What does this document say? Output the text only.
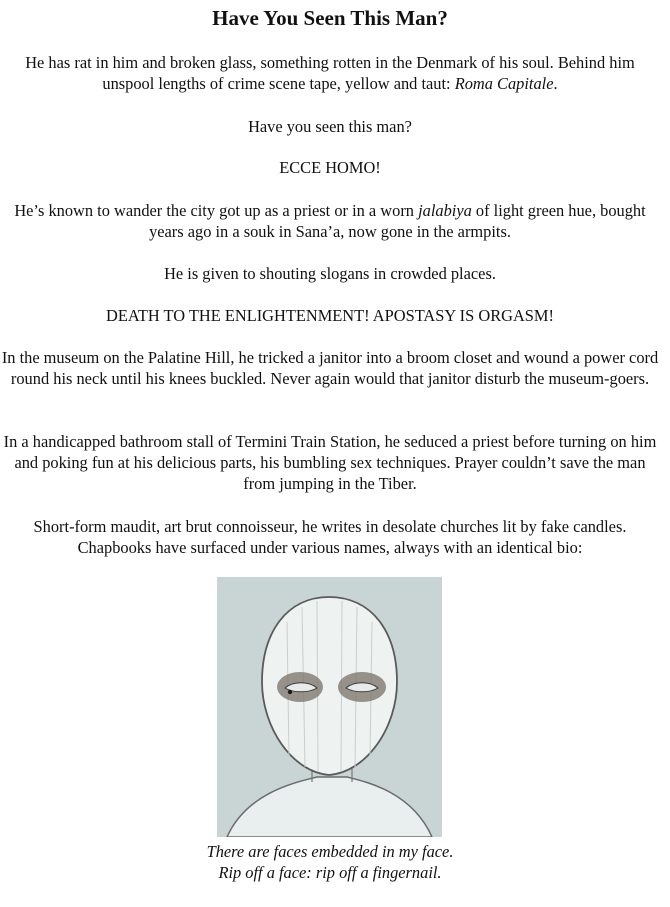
Have You Seen This Man?

He has rat in him and broken glass, something rotten in the Denmark of his soul. Behind him unspool lengths of crime scene tape, yellow and taut: Roma Capitale.

Have you seen this man?

ECCE HOMO!

He’s known to wander the city got up as a priest or in a worn jalabiya of light green hue, bought years ago in a souk in Sana’a, now gone in the armpits.

He is given to shouting slogans in crowded places.

DEATH TO THE ENLIGHTENMENT! APOSTASY IS ORGASM!

In the museum on the Palatine Hill, he tricked a janitor into a broom closet and wound a power cord round his neck until his knees buckled. Never again would that janitor disturb the museum-goers.

In a handicapped bathroom stall of Termini Train Station, he seduced a priest before turning on him and poking fun at his delicious parts, his bumbling sex techniques. Prayer couldn’t save the man from jumping in the Tiber.

Short-form maudit, art brut connoisseur, he writes in desolate churches lit by fake candles. Chapbooks have surfaced under various names, always with an identical bio:

There are faces embedded in my face.
Rip off a face: rip off a fingernail.
